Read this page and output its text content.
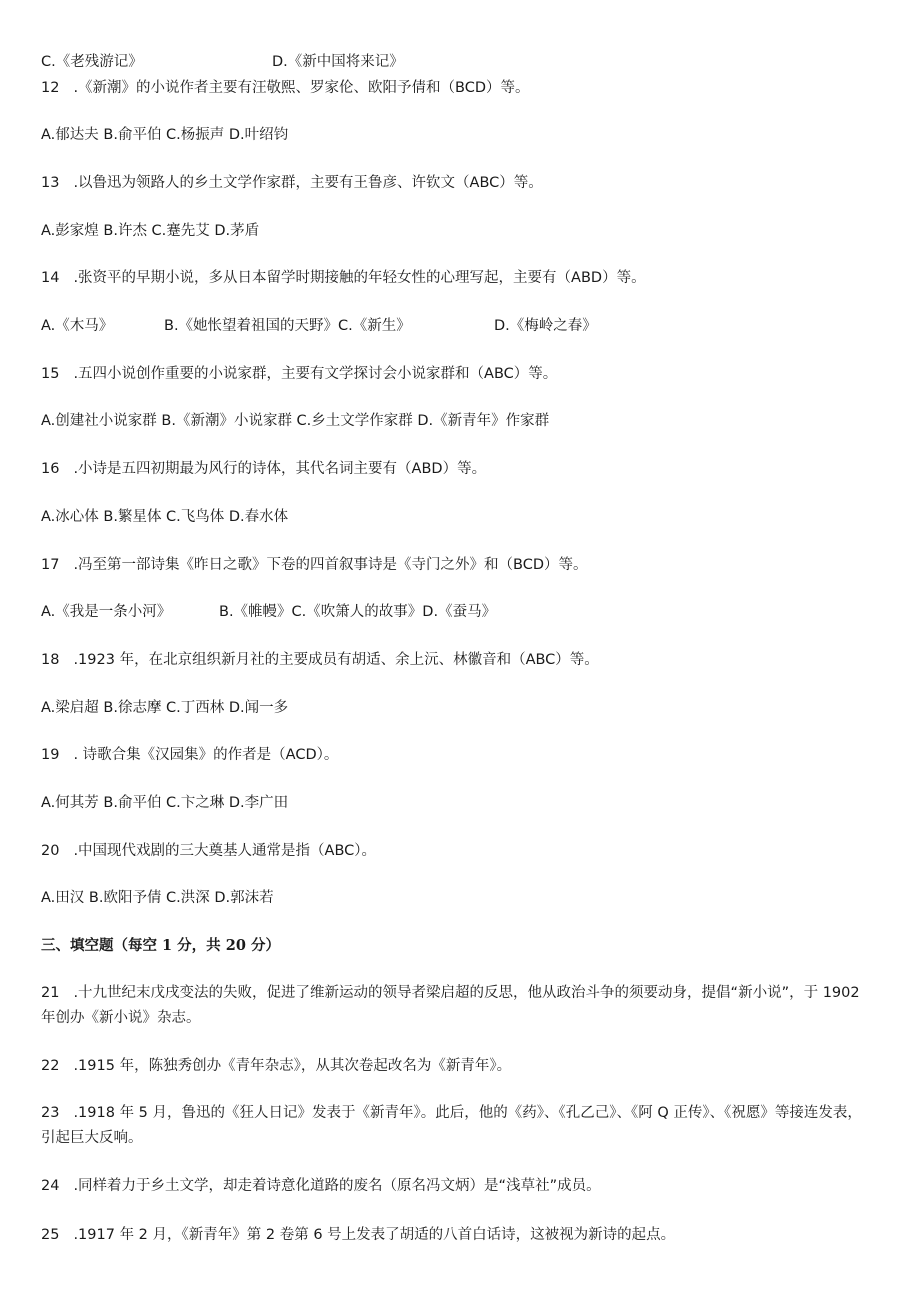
C.《老残游记》	D.《新中国将来记》
12 .《新潮》的小说作者主要有汪敬熙、罗家伦、欧阳予倩和（BCD）等。
A.郁达夫 B.俞平伯 C.杨振声 D.叶绍钧
13 .以鲁迅为领路人的乡土文学作家群，主要有王鲁彦、许钦文（ABC）等。
A.彭家煌 B.许杰 C.蹇先艾 D.茅盾
14 .张资平的早期小说，多从日本留学时期接触的年轻女性的心理写起，主要有（ABD）等。
A.《木马》	B.《她怅望着祖国的天野》C.《新生》	D.《梅岭之春》
15 .五四小说创作重要的小说家群，主要有文学探讨会小说家群和（ABC）等。
A.创建社小说家群 B.《新潮》小说家群 C.乡土文学作家群 D.《新青年》作家群
16 .小诗是五四初期最为风行的诗体，其代名词主要有（ABD）等。
A.冰心体 B.繁星体 C.飞鸟体 D.春水体
17 .冯至第一部诗集《昨日之歌》下卷的四首叙事诗是《寺门之外》和（BCD）等。
A.《我是一条小河》	B.《帷幔》C.《吹箫人的故事》D.《蚕马》
18 .1923 年，在北京组织新月社的主要成员有胡适、余上沅、林徽音和（ABC）等。
A.梁启超 B.徐志摩 C.丁西林 D.闻一多
19 . 诗歌合集《汉园集》的作者是（ACD）。
A.何其芳 B.俞平伯 C.卞之琳 D.李广田
20 .中国现代戏剧的三大奠基人通常是指（ABC）。
A.田汉 B.欧阳予倩 C.洪深 D.郭沫若
三、填空题（每空 1 分，共 20 分）
21 .十九世纪末戊戌变法的失败，促进了维新运动的领导者梁启超的反思，他从政治斗争的须要动身，提倡“新小说”，于 1902 年创办《新小说》杂志。
22 .1915 年，陈独秀创办《青年杂志》，从其次卷起改名为《新青年》。
23 .1918 年 5 月，鲁迅的《狂人日记》发表于《新青年》。此后，他的《药》、《孔乙己》、《阿 Q 正传》、《祝愿》等接连发表，引起巨大反响。
24 .同样着力于乡土文学，却走着诗意化道路的废名（原名冯文炳）是“浅草社”成员。
25 .1917 年 2 月，《新青年》第 2 卷第 6 号上发表了胡适的八首白话诗，这被视为新诗的起点。
